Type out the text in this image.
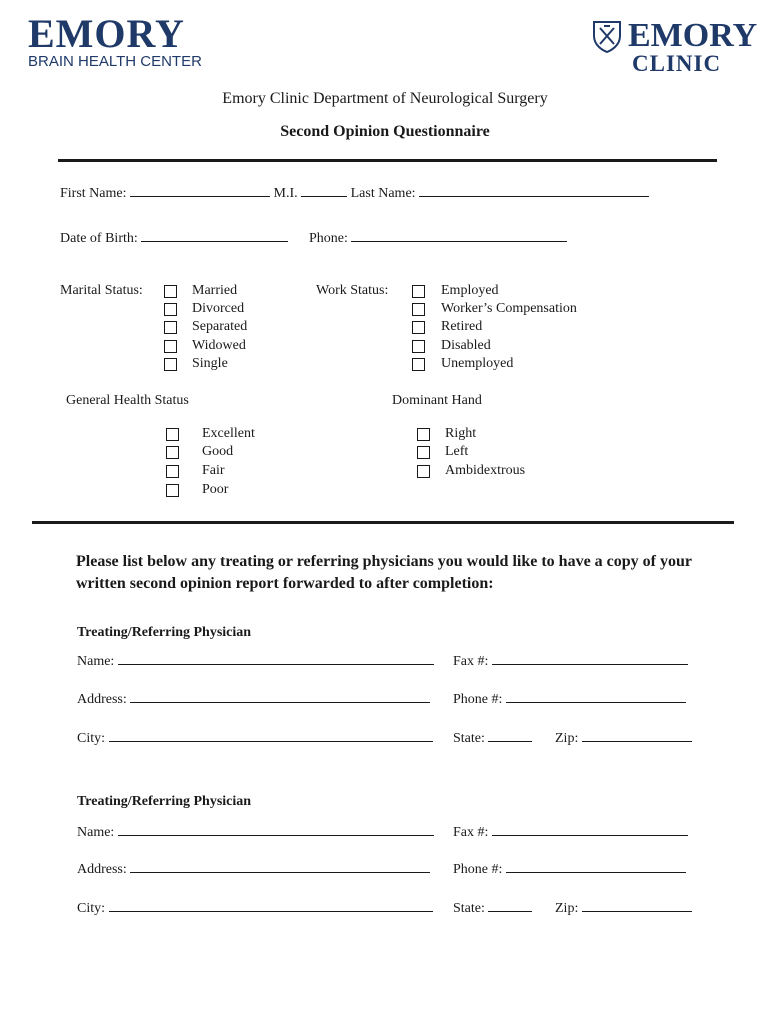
EMORY
BRAIN HEALTH CENTER
EMORY
CLINIC
Emory Clinic Department of Neurological Surgery
Second Opinion Questionnaire
First Name:	M.I.	Last Name:
Date of Birth:	Phone:
Marital Status:	Married
Divorced
Separated
Widowed
Single
Work Status:	Employed
Worker’s Compensation
Retired
Disabled
Unemployed
General Health Status
Excellent
Good
Fair
Poor
Dominant Hand
Right
Left
Ambidextrous
Please list below any treating or referring physicians you would like to have a copy of your written second opinion report forwarded to after completion:
Treating/Referring Physician
Name:	Fax #:
Address:	Phone #:
City:	State:	Zip:
Treating/Referring Physician
Name:	Fax #:
Address:	Phone #:
City:	State:	Zip:
